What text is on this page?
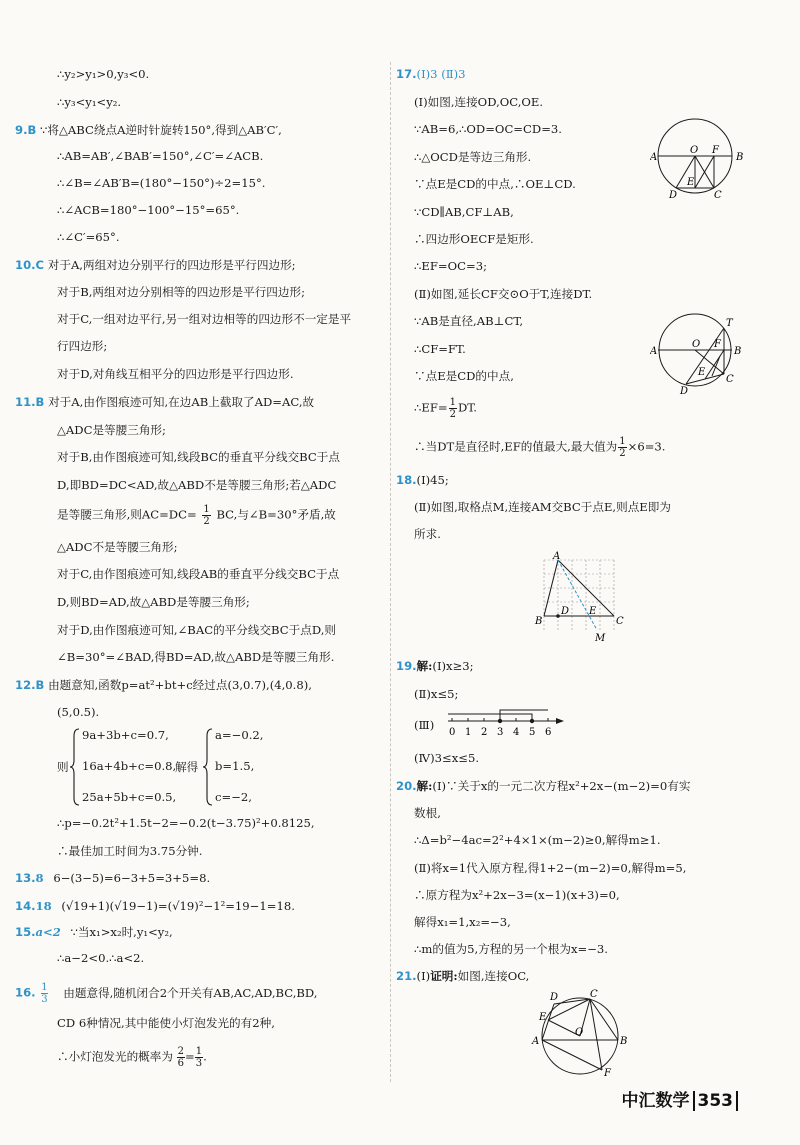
∴y₂>y₁>0,y₃<0.
∴y₃<y₁<y₂.
9.B ∵将△ABC绕点A逆时针旋转150°,得到△AB′C′,
∴AB=AB′,∠BAB′=150°,∠C′=∠ACB.
∴∠B=∠AB′B=(180°−150°)÷2=15°.
∴∠ACB=180°−100°−15°=65°.
∴∠C′=65°.
10.C 对于A,两组对边分别平行的四边形是平行四边形;
对于B,两组对边分别相等的四边形是平行四边形;
对于C,一组对边平行,另一组对边相等的四边形不一定是平
行四边形;
对于D,对角线互相平分的四边形是平行四边形.
11.B 对于A,由作图痕迹可知,在边AB上截取了AD=AC,故
△ADC是等腰三角形;
对于B,由作图痕迹可知,线段BC的垂直平分线交BC于点
D,即BD=DC<AD,故△ABD不是等腰三角形;若△ADC
是等腰三角形,则$AC=DC= \frac{1}{2}$ BC,与∠B=30°矛盾,故
△ADC不是等腰三角形;
对于C,由作图痕迹可知,线段AB的垂直平分线交BC于点
D,则BD=AD,故△ABD是等腰三角形;
对于D,由作图痕迹可知,∠BAC的平分线交BC于点D,则
∠B=30°=∠BAD,得BD=AD,故△ABD是等腰三角形.
12.B 由题意知,函数p=at²+bt+c经过点(3,0.7),(4,0.8),
(5,0.5).
则
9a+3b+c=0.7,
16a+4b+c=0.8,
25a+5b+c=0.5,
解得
a=−0.2,
b=1.5,
c=−2,
∴p=−0.2t²+1.5t−2=−0.2(t−3.75)²+0.8125,
∴最佳加工时间为3.75分钟.
13.8 6−(3−5)=6−3+5=3+5=8.
14.18 (√19+1)(√19−1)=(√19)²−1²=19−1=18.
15.a<2 ∵当x₁>x₂时,y₁<y₂,
∴a−2<0.∴a<2.
16. $\frac{1}{3}$ 由题意得,随机闭合2个开关有AB,AC,AD,BC,BD,
CD 6种情况,其中能使小灯泡发光的有2种,
∴小灯泡发光的概率为 $\frac{2}{6} = \frac{1}{3}$ .
17.(Ⅰ)3 (Ⅱ)3
(Ⅰ)如图,连接OD,OC,OE.
∵AB=6,∴OD=OC=CD=3.
∴△OCD是等边三角形.
∵点E是CD的中点,∴OE⊥CD.
∵CD∥AB,CF⊥AB,
∴四边形OECF是矩形.
∴EF=OC=3;
(Ⅱ)如图,延长CF交⊙O于T,连接DT.
∵AB是直径,AB⊥CT,
∴CF=FT.
∵点E是CD的中点,
∴EF= $\frac{1}{2}$ DT.
∴当DT是直径时,EF的值最大,最大值为 $\frac{1}{2} \times 6=3$.
18.(Ⅰ)45;
(Ⅱ)如图,取格点M,连接AM交BC于点E,则点E即为
所求.
19.解:(Ⅰ)x≥3;
(Ⅱ)x≤5;
(Ⅲ)
(Ⅳ)3≤x≤5.
20.解:(Ⅰ)∵关于x的一元二次方程x²+2x−(m−2)=0有实
数根,
∴Δ=b²−4ac=2²+4×1×(m−2)≥0,解得m≥1.
(Ⅱ)将x=1代入原方程,得1+2−(m−2)=0,解得m=5,
∴原方程为x²+2x−3=(x−1)(x+3)=0,
解得x₁=1,x₂=−3,
∴m的值为5,方程的另一个根为x=−3.
21.(Ⅰ)证明:如图,连接OC,
A	B
O F
E
D	C
A	B
O F
T
E
D
C
A
B	C
D E
M
0 1 2 3 4 5 6
D	C
E
A	B
F
O
中汇数学 353
